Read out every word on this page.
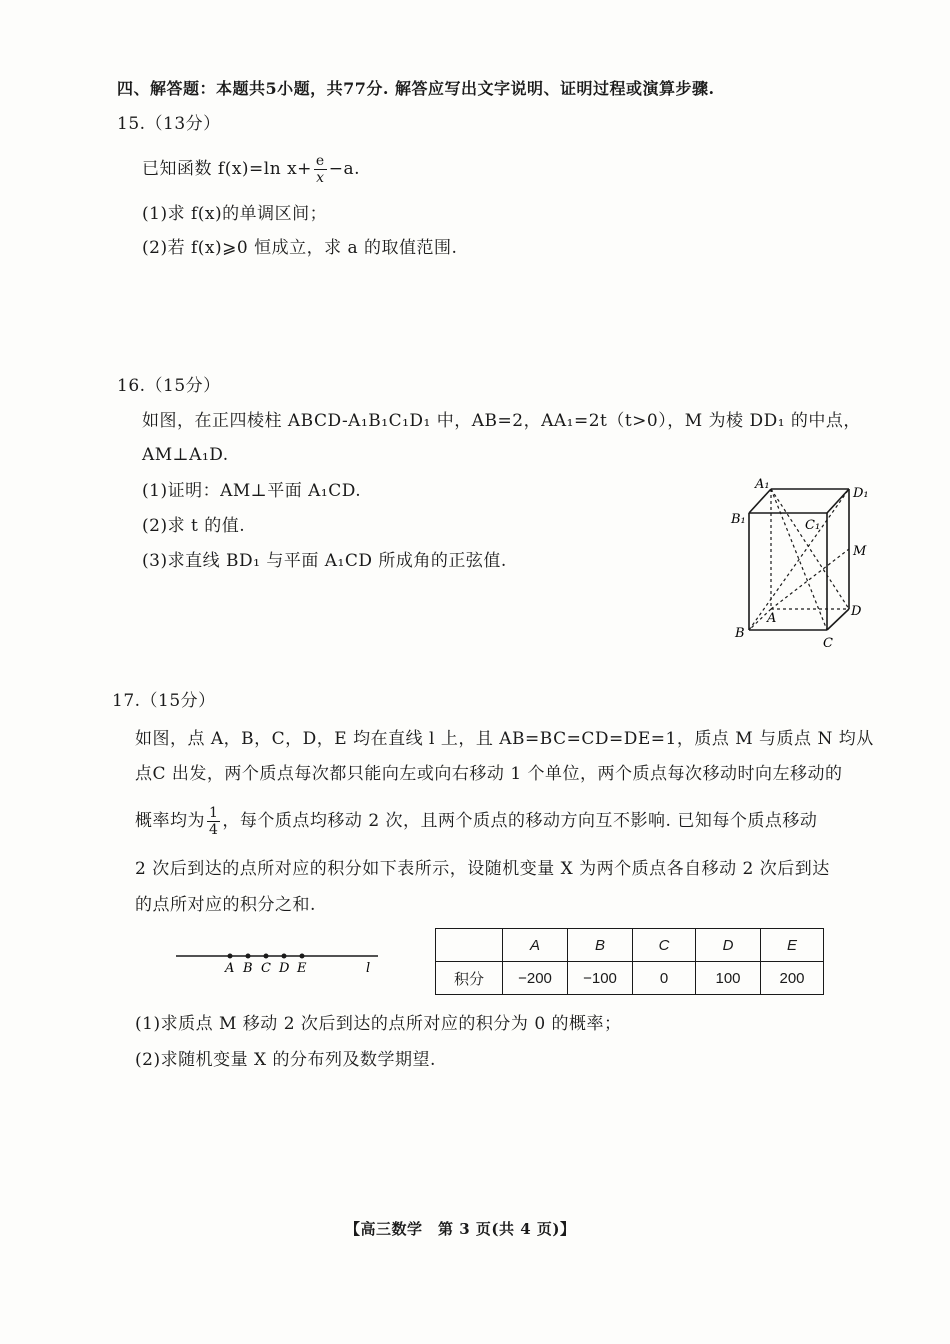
四、解答题：本题共5小题，共77分. 解答应写出文字说明、证明过程或演算步骤.
15.（13分）
已知函数 f(x)=ln $x+ \frac{e}{x} -a$.
(1)求 f(x)的单调区间；
(2)若 f(x)⩾0 恒成立，求 a 的取值范围.
16.（15分）
如图，在正四棱柱 ABCD-A₁B₁C₁D₁ 中，AB=2，AA₁=2t（t>0），M 为棱 DD₁ 的中点，
AM⊥A₁D.
(1)证明：AM⊥平面 A₁CD.
(2)求 t 的值.
(3)求直线 BD₁ 与平面 A₁CD 所成角的正弦值.
A₁
D₁
B₁	C₁
M
A	D
B
C
17.（15分）
如图，点 A，B，C，D，E 均在直线 l 上，且 AB=BC=CD=DE=1，质点 M 与质点 N 均从
点C 出发，两个质点每次都只能向左或向右移动 1 个单位，两个质点每次移动时向左移动的
概率均为 $\frac{1}{4}$ ，每个质点均移动 2 次，且两个质点的移动方向互不影响. 已知每个质点移动
2 次后到达的点所对应的积分如下表所示，设随机变量 X 为两个质点各自移动 2 次后到达
的点所对应的积分之和.
A B C D E	l
	A	B	C	D	E
积分	−200	−100	0	100	200
(1)求质点 M 移动 2 次后到达的点所对应的积分为 0 的概率；
(2)求随机变量 X 的分布列及数学期望.
【高三数学　第 3 页(共 4 页)】
